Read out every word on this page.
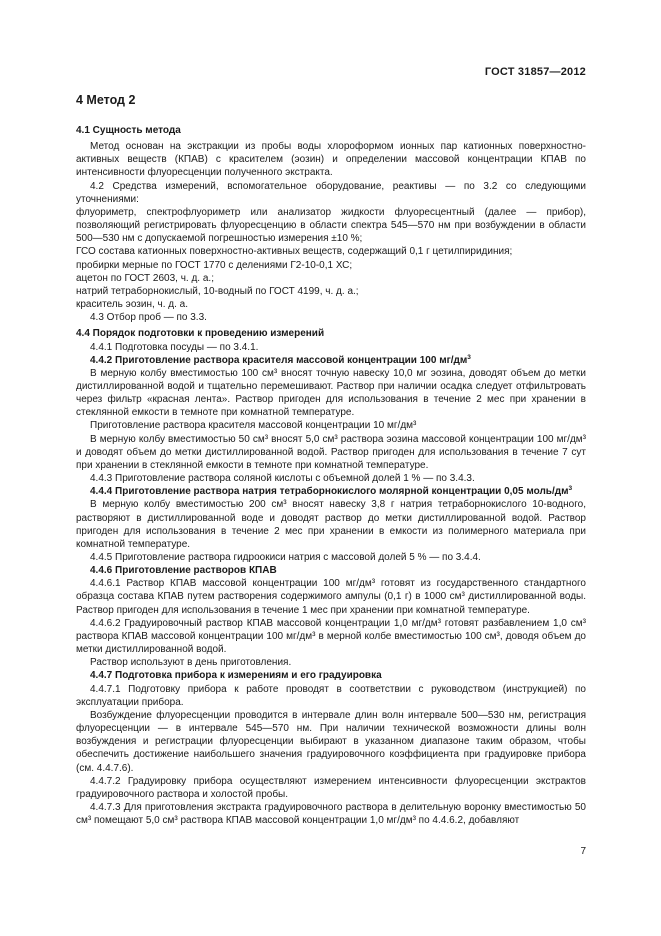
ГОСТ 31857—2012
4 Метод 2
4.1 Сущность метода

Метод основан на экстракции из пробы воды хлороформом ионных пар катионных поверхностно-активных веществ (КПАВ) с красителем (эозин) и определении массовой концентрации КПАВ по интенсивности флуоресценции полученного экстракта.

4.2 Средства измерений, вспомогательное оборудование, реактивы — по 3.2 со следующими уточнениями:

флуориметр, спектрофлуориметр или анализатор жидкости флуоресцентный (далее — прибор), позволяющий регистрировать флуоресценцию в области спектра 545—570 нм при возбуждении в области 500—530 нм с допускаемой погрешностью измерения ±10 %;

ГСО состава катионных поверхностно-активных веществ, содержащий 0,1 г цетилпиридиния;

пробирки мерные по ГОСТ 1770 с делениями Г2-10-0,1 ХС;

ацетон по ГОСТ 2603, ч. д. а.;

натрий тетраборнокислый, 10-водный по ГОСТ 4199, ч. д. а.;

краситель эозин, ч. д. а.

4.3 Отбор проб — по 3.3.

4.4 Порядок подготовки к проведению измерений

4.4.1 Подготовка посуды — по 3.4.1.

4.4.2 Приготовление раствора красителя массовой концентрации 100 $мг/дм^3$

В мерную колбу вместимостью 100 см³ вносят точную навеску 10,0 мг эозина, доводят объем до метки дистиллированной водой и тщательно перемешивают. Раствор при наличии осадка следует отфильтровать через фильтр «красная лента». Раствор пригоден для использования в течение 2 мес при хранении в стеклянной емкости в темноте при комнатной температуре.

Приготовление раствора красителя массовой концентрации 10 мг/дм³

В мерную колбу вместимостью 50 см³ вносят 5,0 см³ раствора эозина массовой концентрации 100 мг/дм³ и доводят объем до метки дистиллированной водой. Раствор пригоден для использования в течение 7 сут при хранении в стеклянной емкости в темноте при комнатной температуре.

4.4.3 Приготовление раствора соляной кислоты с объемной долей 1 % — по 3.4.3.

4.4.4 Приготовление раствора натрия тетраборнокислого молярной концентрации 0,05 моль/$дм^3$

В мерную колбу вместимостью 200 см³ вносят навеску 3,8 г натрия тетраборнокислого 10-водного, растворяют в дистиллированной воде и доводят раствор до метки дистиллированной водой. Раствор пригоден для использования в течение 2 мес при хранении в емкости из полимерного материала при комнатной температуре.

4.4.5 Приготовление раствора гидроокиси натрия с массовой долей 5 % — по 3.4.4.

4.4.6 Приготовление растворов КПАВ

4.4.6.1 Раствор КПАВ массовой концентрации 100 мг/дм³ готовят из государственного стандартного образца состава КПАВ путем растворения содержимого ампулы (0,1 г) в 1000 см³ дистиллированной воды. Раствор пригоден для использования в течение 1 мес при хранении при комнатной температуре.

4.4.6.2 Градуировочный раствор КПАВ массовой концентрации 1,0 мг/дм³ готовят разбавлением 1,0 см³ раствора КПАВ массовой концентрации 100 мг/дм³ в мерной колбе вместимостью 100 см³, доводя объем до метки дистиллированной водой.

Раствор используют в день приготовления.

4.4.7 Подготовка прибора к измерениям и его градуировка

4.4.7.1 Подготовку прибора к работе проводят в соответствии с руководством (инструкцией) по эксплуатации прибора.

Возбуждение флуоресценции проводится в интервале длин волн интервале 500—530 нм, регистрация флуоресценции — в интервале 545—570 нм. При наличии технической возможности длины волн возбуждения и регистрации флуоресценции выбирают в указанном диапазоне таким образом, чтобы обеспечить достижение наибольшего значения градуировочного коэффициента при градуировке прибора (см. 4.4.7.6).

4.4.7.2 Градуировку прибора осуществляют измерением интенсивности флуоресценции экстрактов градуировочного раствора и холостой пробы.

4.4.7.3 Для приготовления экстракта градуировочного раствора в делительную воронку вместимостью 50 см³ помещают 5,0 см³ раствора КПАВ массовой концентрации 1,0 мг/дм³ по 4.4.6.2, добавляют

7
